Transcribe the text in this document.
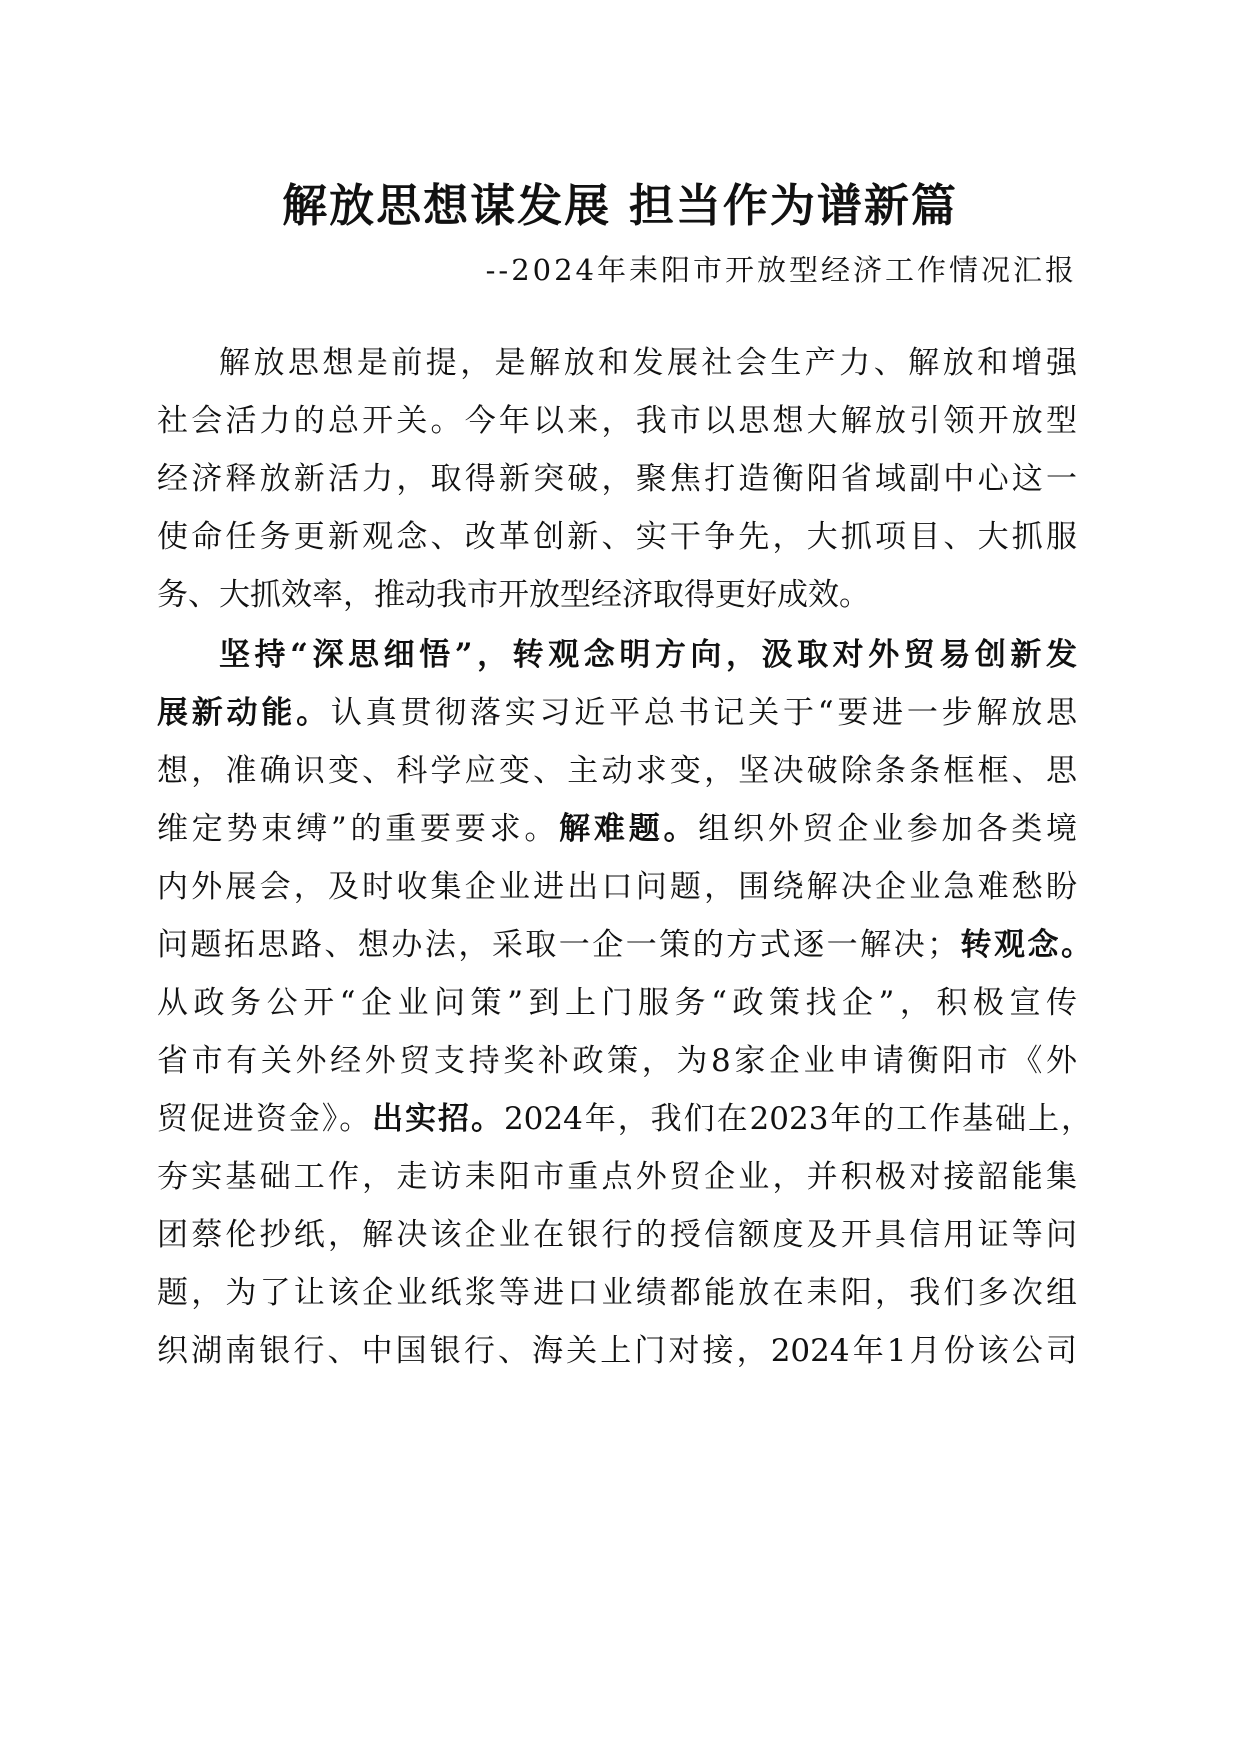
解放思想谋发展 担当作为谱新篇
--2024年耒阳市开放型经济工作情况汇报
解放思想是前提，是解放和发展社会生产力、解放和增强
社会活力的总开关。今年以来，我市以思想大解放引领开放型
经济释放新活力，取得新突破，聚焦打造衡阳省域副中心这一
使命任务更新观念、改革创新、实干争先，大抓项目、大抓服
务、大抓效率，推动我市开放型经济取得更好成效。
坚持“深思细悟”，转观念明方向，汲取对外贸易创新发
展新动能。认真贯彻落实习近平总书记关于“要进一步解放思
想，准确识变、科学应变、主动求变，坚决破除条条框框、思
维定势束缚”的重要要求。解难题。组织外贸企业参加各类境
内外展会，及时收集企业进出口问题，围绕解决企业急难愁盼
问题拓思路、想办法，采取一企一策的方式逐一解决；转观念。
从政务公开“企业问策”到上门服务“政策找企”，积极宣传
省市有关外经外贸支持奖补政策，为8家企业申请衡阳市《外
贸促进资金》。出实招。2024年，我们在2023年的工作基础上，
夯实基础工作，走访耒阳市重点外贸企业，并积极对接韶能集
团蔡伦抄纸，解决该企业在银行的授信额度及开具信用证等问
题，为了让该企业纸浆等进口业绩都能放在耒阳，我们多次组
织湖南银行、中国银行、海关上门对接，2024年1月份该公司
